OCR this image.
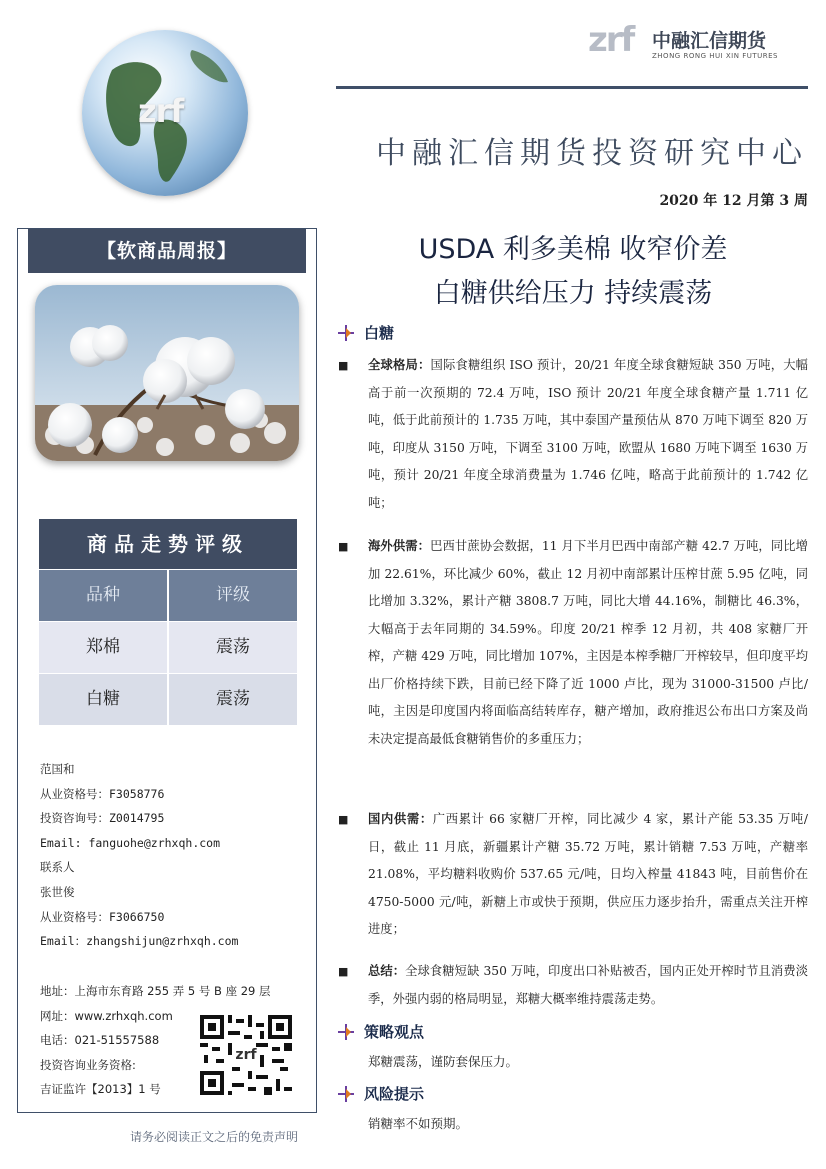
zrf
zrf 中融汇信期货
ZHONG RONG HUI XIN FUTURES
中融汇信期货投资研究中心
2020 年 12 月第 3 周
【软商品周报】
商品走势评级
品种	评级
郑棉	震荡
白糖	震荡
范国和
从业资格号：F3058776
投资咨询号：Z0014795
Email: fanguohe@zrhxqh.com
联系人
张世俊
从业资格号：F3066750
Email：zhangshijun@zrhxqh.com
地址：上海市东育路 255 弄 5 号 B 座 29 层
网址：www.zrhxqh.com
电话：021-51557588
投资咨询业务资格:
吉证监许【2013】1 号
zrf
请务必阅读正文之后的免责声明
USDA 利多美棉 收窄价差
白糖供给压力 持续震荡
白糖
■ 全球格局：国际食糖组织 ISO 预计，20/21 年度全球食糖短缺 350 万吨，大幅高于前一次预期的 72.4 万吨，ISO 预计 20/21 年度全球食糖产量 1.711 亿吨，低于此前预计的 1.735 万吨，其中泰国产量预估从 870 万吨下调至 820 万吨，印度从 3150 万吨，下调至 3100 万吨，欧盟从 1680 万吨下调至 1630 万吨，预计 20/21 年度全球消费量为 1.746 亿吨，略高于此前预计的 1.742 亿吨；
■ 海外供需：巴西甘蔗协会数据，11 月下半月巴西中南部产糖 42.7 万吨，同比增加 22.61%，环比减少 60%，截止 12 月初中南部累计压榨甘蔗 5.95 亿吨，同比增加 3.32%，累计产糖 3808.7 万吨，同比大增 44.16%，制糖比 46.3%，大幅高于去年同期的 34.59%。印度 20/21 榨季 12 月初，共 408 家糖厂开榨，产糖 429 万吨，同比增加 107%，主因是本榨季糖厂开榨较早，但印度平均出厂价格持续下跌，目前已经下降了近 1000 卢比，现为 31000-31500 卢比/吨，主因是印度国内将面临高结转库存，糖产增加，政府推迟公布出口方案及尚未决定提高最低食糖销售价的多重压力；
■ 国内供需：广西累计 66 家糖厂开榨，同比减少 4 家，累计产能 53.35 万吨/日，截止 11 月底，新疆累计产糖 35.72 万吨，累计销糖 7.53 万吨，产糖率 21.08%，平均糖料收购价 537.65 元/吨，日均入榨量 41843 吨，目前售价在 4750-5000 元/吨，新糖上市或快于预期，供应压力逐步抬升，需重点关注开榨进度；
■ 总结：全球食糖短缺 350 万吨，印度出口补贴被否，国内正处开榨时节且消费淡季，外强内弱的格局明显，郑糖大概率维持震荡走势。
策略观点
郑糖震荡，谨防套保压力。
风险提示
销糖率不如预期。
